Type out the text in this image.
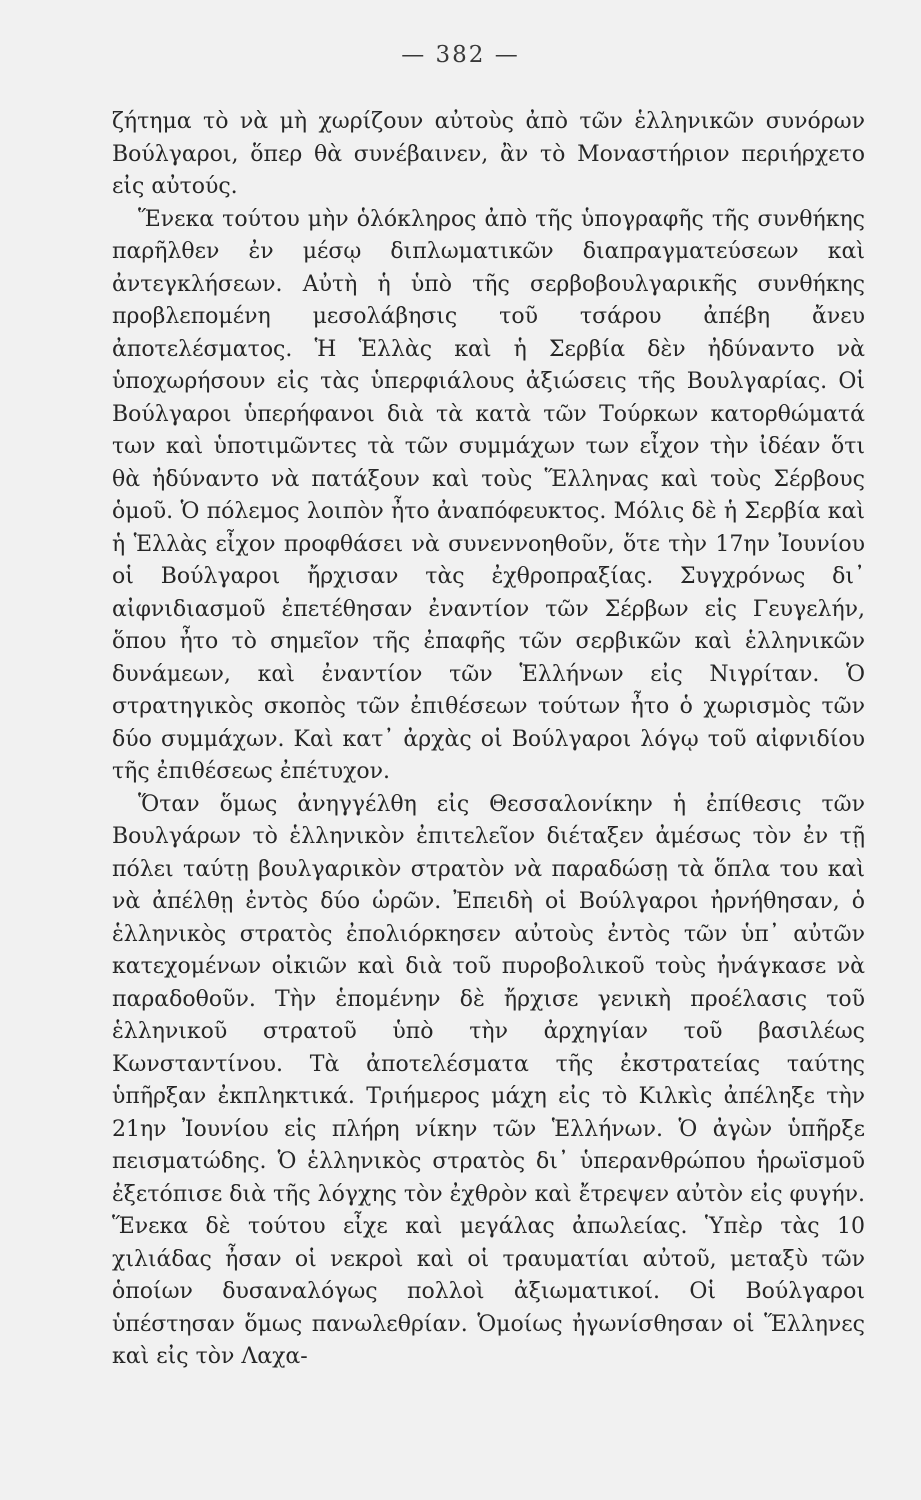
— 382 —

ζήτημα τὸ νὰ μὴ χωρίζουν αὐτοὺς ἀπὸ τῶν ἑλληνικῶν συνόρων Βούλγαροι, ὅπερ θὰ συνέβαινεν, ἂν τὸ Μοναστήριον περιήρχετο εἰς αὐτούς.

Ἕνεκα τούτου μὴν ὁλόκληρος ἀπὸ τῆς ὑπογραφῆς τῆς συνθήκης παρῆλθεν ἐν μέσῳ διπλωματικῶν διαπραγματεύσεων καὶ ἀντεγκλήσεων. Αὐτὴ ἡ ὑπὸ τῆς σερβοβουλγαρικῆς συνθήκης προβλεπομένη μεσολάβησις τοῦ τσάρου ἀπέβη ἄνευ ἀποτελέσματος. Ἡ Ἑλλὰς καὶ ἡ Σερβία δὲν ἠδύναντο νὰ ὑποχωρήσουν εἰς τὰς ὑπερφιάλους ἀξιώσεις τῆς Βουλγαρίας. Οἱ Βούλγαροι ὑπερήφανοι διὰ τὰ κατὰ τῶν Τούρκων κατορθώματά των καὶ ὑποτιμῶντες τὰ τῶν συμμάχων των εἶχον τὴν ἰδέαν ὅτι θὰ ἠδύναντο νὰ πατάξουν καὶ τοὺς Ἕλληνας καὶ τοὺς Σέρβους ὁμοῦ. Ὁ πόλεμος λοιπὸν ἦτο ἀναπόφευκτος. Μόλις δὲ ἡ Σερβία καὶ ἡ Ἑλλὰς εἶχον προφθάσει νὰ συνεννοηθοῦν, ὅτε τὴν 17ην Ἰουνίου οἱ Βούλγαροι ἤρχισαν τὰς ἐχθροπραξίας. Συγχρόνως δι᾿ αἰφνιδιασμοῦ ἐπετέθησαν ἐναντίον τῶν Σέρβων εἰς Γευγελήν, ὅπου ἦτο τὸ σημεῖον τῆς ἐπαφῆς τῶν σερβικῶν καὶ ἑλληνικῶν δυνάμεων, καὶ ἐναντίον τῶν Ἑλλήνων εἰς Νιγρίταν. Ὁ στρατηγικὸς σκοπὸς τῶν ἐπιθέσεων τούτων ἦτο ὁ χωρισμὸς τῶν δύο συμμάχων. Καὶ κατ᾿ ἀρχὰς οἱ Βούλγαροι λόγῳ τοῦ αἰφνιδίου τῆς ἐπιθέσεως ἐπέτυχον.

Ὅταν ὅμως ἀνηγγέλθη εἰς Θεσσαλονίκην ἡ ἐπίθεσις τῶν Βουλγάρων τὸ ἑλληνικὸν ἐπιτελεῖον διέταξεν ἀμέσως τὸν ἐν τῇ πόλει ταύτῃ βουλγαρικὸν στρατὸν νὰ παραδώσῃ τὰ ὅπλα του καὶ νὰ ἀπέλθῃ ἐντὸς δύο ὡρῶν. Ἐπειδὴ οἱ Βούλγαροι ἠρνήθησαν, ὁ ἑλληνικὸς στρατὸς ἐπολιόρκησεν αὐτοὺς ἐντὸς τῶν ὑπ᾿ αὐτῶν κατεχομένων οἰκιῶν καὶ διὰ τοῦ πυροβολικοῦ τοὺς ἠνάγκασε νὰ παραδοθοῦν. Τὴν ἑπομένην δὲ ἤρχισε γενικὴ προέλασις τοῦ ἑλληνικοῦ στρατοῦ ὑπὸ τὴν ἀρχηγίαν τοῦ βασιλέως Κωνσταντίνου. Τὰ ἀποτελέσματα τῆς ἐκστρατείας ταύτης ὑπῆρξαν ἐκπληκτικά. Τριήμερος μάχη εἰς τὸ Κιλκὶς ἀπέληξε τὴν 21ην Ἰουνίου εἰς πλήρη νίκην τῶν Ἑλλήνων. Ὁ ἀγὼν ὑπῆρξε πεισματώδης. Ὁ ἑλληνικὸς στρατὸς δι᾿ ὑπερανθρώπου ἡρωϊσμοῦ ἐξετόπισε διὰ τῆς λόγχης τὸν ἐχθρὸν καὶ ἔτρεψεν αὐτὸν εἰς φυγήν. Ἕνεκα δὲ τούτου εἶχε καὶ μεγάλας ἀπωλείας. Ὑπὲρ τὰς 10 χιλιάδας ἦσαν οἱ νεκροὶ καὶ οἱ τραυματίαι αὐτοῦ, μεταξὺ τῶν ὁποίων δυσαναλόγως πολλοὶ ἀξιωματικοί. Οἱ Βούλγαροι ὑπέστησαν ὅμως πανωλεθρίαν. Ὁμοίως ἠγωνίσθησαν οἱ Ἕλληνες καὶ εἰς τὸν Λαχα-
